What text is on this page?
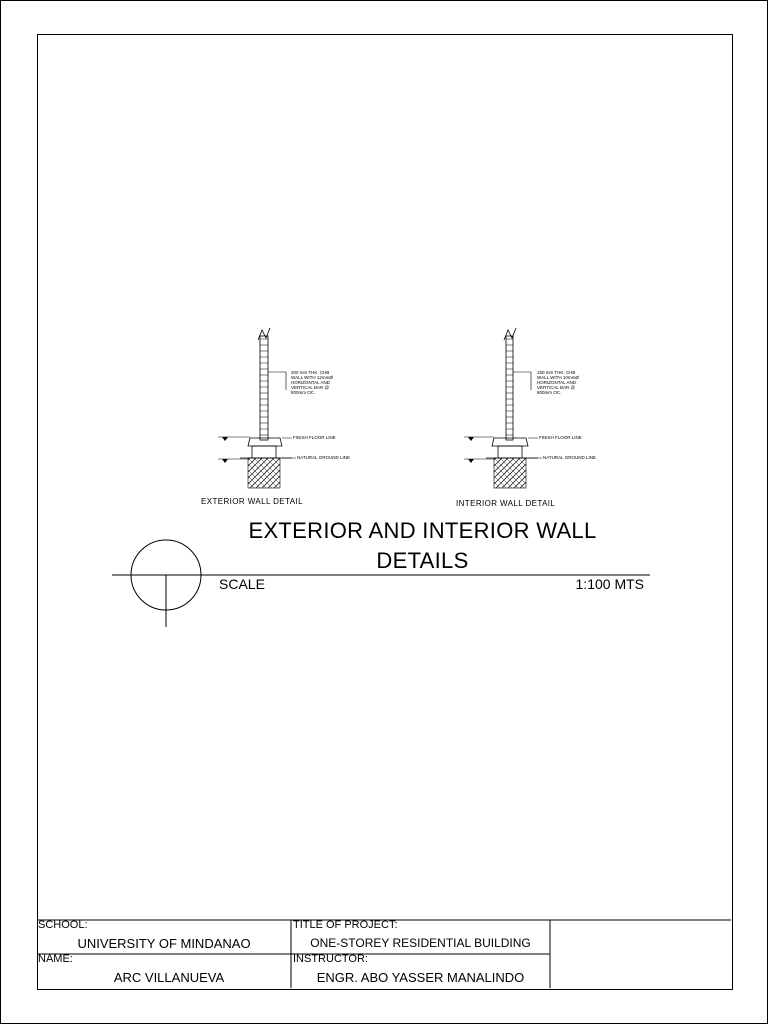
200 mm THK. CHB
WALL WITH 12mmØ
HORIZONTAL AND
VERTICAL BAR @
800mm OC.
FINISH FLOOR LINE
NATURAL GROUND LINE
EXTERIOR WALL DETAIL
150 mm THK. CHB
WALL WITH 10mmØ
HORIZONTAL AND
VERTICAL BAR @
800mm OC.
FINISH FLOOR LINE
NATURAL GROUND LINE
INTERIOR WALL DETAIL
EXTERIOR AND INTERIOR WALL DETAILS
SCALE	1:100 MTS
SCHOOL:
UNIVERSITY OF MINDANAO
TITLE OF PROJECT:
ONE-STOREY RESIDENTIAL BUILDING
NAME:
ARC VILLANUEVA
INSTRUCTOR:
ENGR. ABO YASSER MANALINDO
